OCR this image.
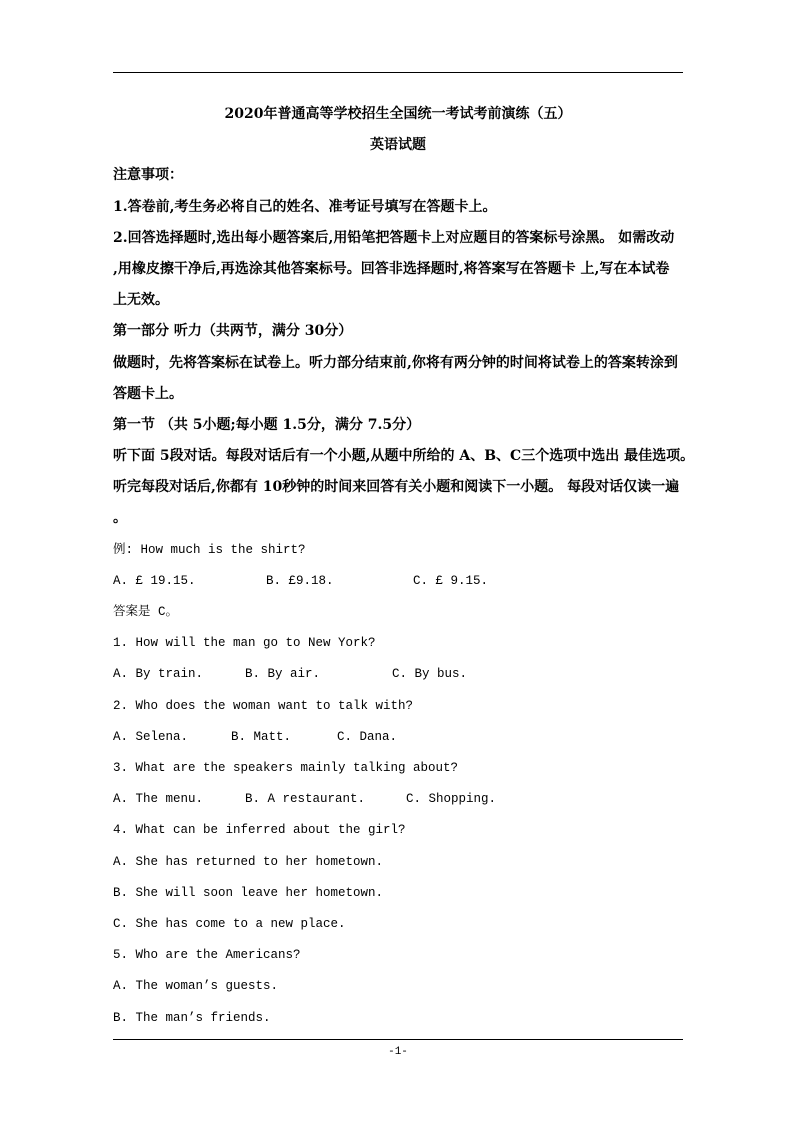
2020年普通高等学校招生全国统一考试考前演练（五）
英语试题
注意事项：
1.答卷前,考生务必将自己的姓名、准考证号填写在答题卡上。
2.回答选择题时,选出每小题答案后,用铅笔把答题卡上对应题目的答案标号涂黑。 如需改动
,用橡皮擦干净后,再选涂其他答案标号。回答非选择题时,将答案写在答题卡 上,写在本试卷
上无效。
第一部分 听力（共两节，满分 30分）
做题时，先将答案标在试卷上。听力部分结束前,你将有两分钟的时间将试卷上的答案转涂到
答题卡上。
第一节 （共 5小题;每小题 1.5分，满分 7.5分）
听下面 5段对话。每段对话后有一个小题,从题中所给的 A、B、C三个选项中选出 最佳选项。
听完每段对话后,你都有 10秒钟的时间来回答有关小题和阅读下一小题。 每段对话仅读一遍
。
例: How much is the shirt?
A. £ 19.15.	B. £9.18.	C. £ 9.15.
答案是 C。
1. How will the man go to New York?
A. By train.	B. By air.	C. By bus.
2. Who does the woman want to talk with?
A. Selena.	B. Matt.	C. Dana.
3. What are the speakers mainly talking about?
A. The menu.	B. A restaurant.	C. Shopping.
4. What can be inferred about the girl?
A. She has returned to her hometown.
B. She will soon leave her hometown.
C. She has come to a new place.
5. Who are the Americans?
A. The woman’s guests.
B. The man’s friends.
-1-
